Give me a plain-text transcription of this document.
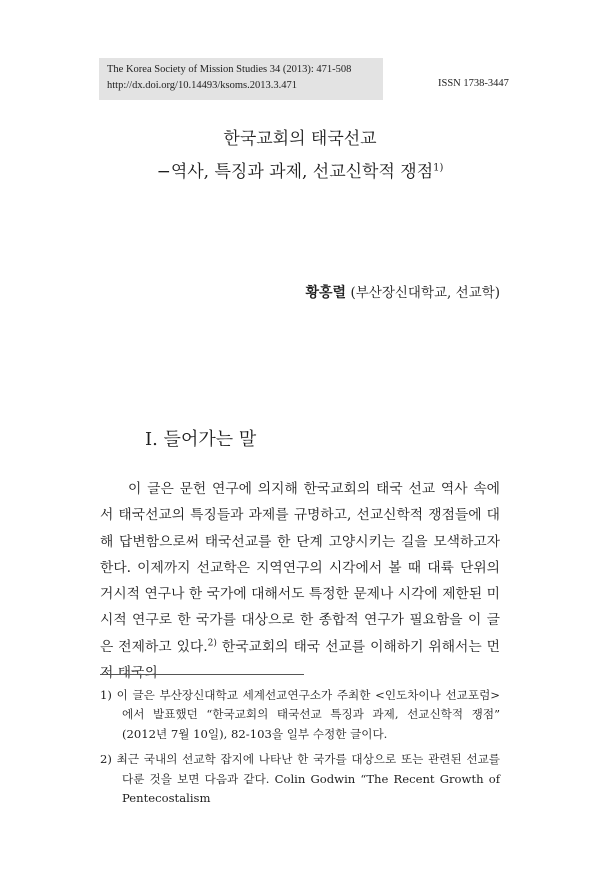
The Korea Society of Mission Studies 34 (2013): 471-508
http://dx.doi.org/10.14493/ksoms.2013.3.471	ISSN 1738-3447
한국교회의 태국선교
−역사, 특징과 과제, 선교신학적 쟁점$^{1)}$
황홍렬 (부산장신대학교, 선교학)
Ⅰ. 들어가는 말

이 글은 문헌 연구에 의지해 한국교회의 태국 선교 역사 속에서 태국선교의 특징들과 과제를 규명하고, 선교신학적 쟁점들에 대해 답변함으로써 태국선교를 한 단계 고양시키는 길을 모색하고자 한다. 이제까지 선교학은 지역연구의 시각에서 볼 때 대륙 단위의 거시적 연구나 한 국가에 대해서도 특정한 문제나 시각에 제한된 미시적 연구로 한 국가를 대상으로 한 종합적 연구가 필요함을 이 글은 전제하고 있다.$^{2)}$ 한국교회의 태국 선교를 이해하기 위해서는 먼저 태국의

1) 이 글은 부산장신대학교 세계선교연구소가 주최한 <인도차이나 선교포럼>에서 발표했던 “한국교회의 태국선교 특징과 과제, 선교신학적 쟁점” (2012년 7월 10일), 82-103을 일부 수정한 글이다.

2) 최근 국내의 선교학 잡지에 나타난 한 국가를 대상으로 또는 관련된 선교를 다룬 것을 보면 다음과 같다. Colin Godwin “The Recent Growth of Pentecostalism
